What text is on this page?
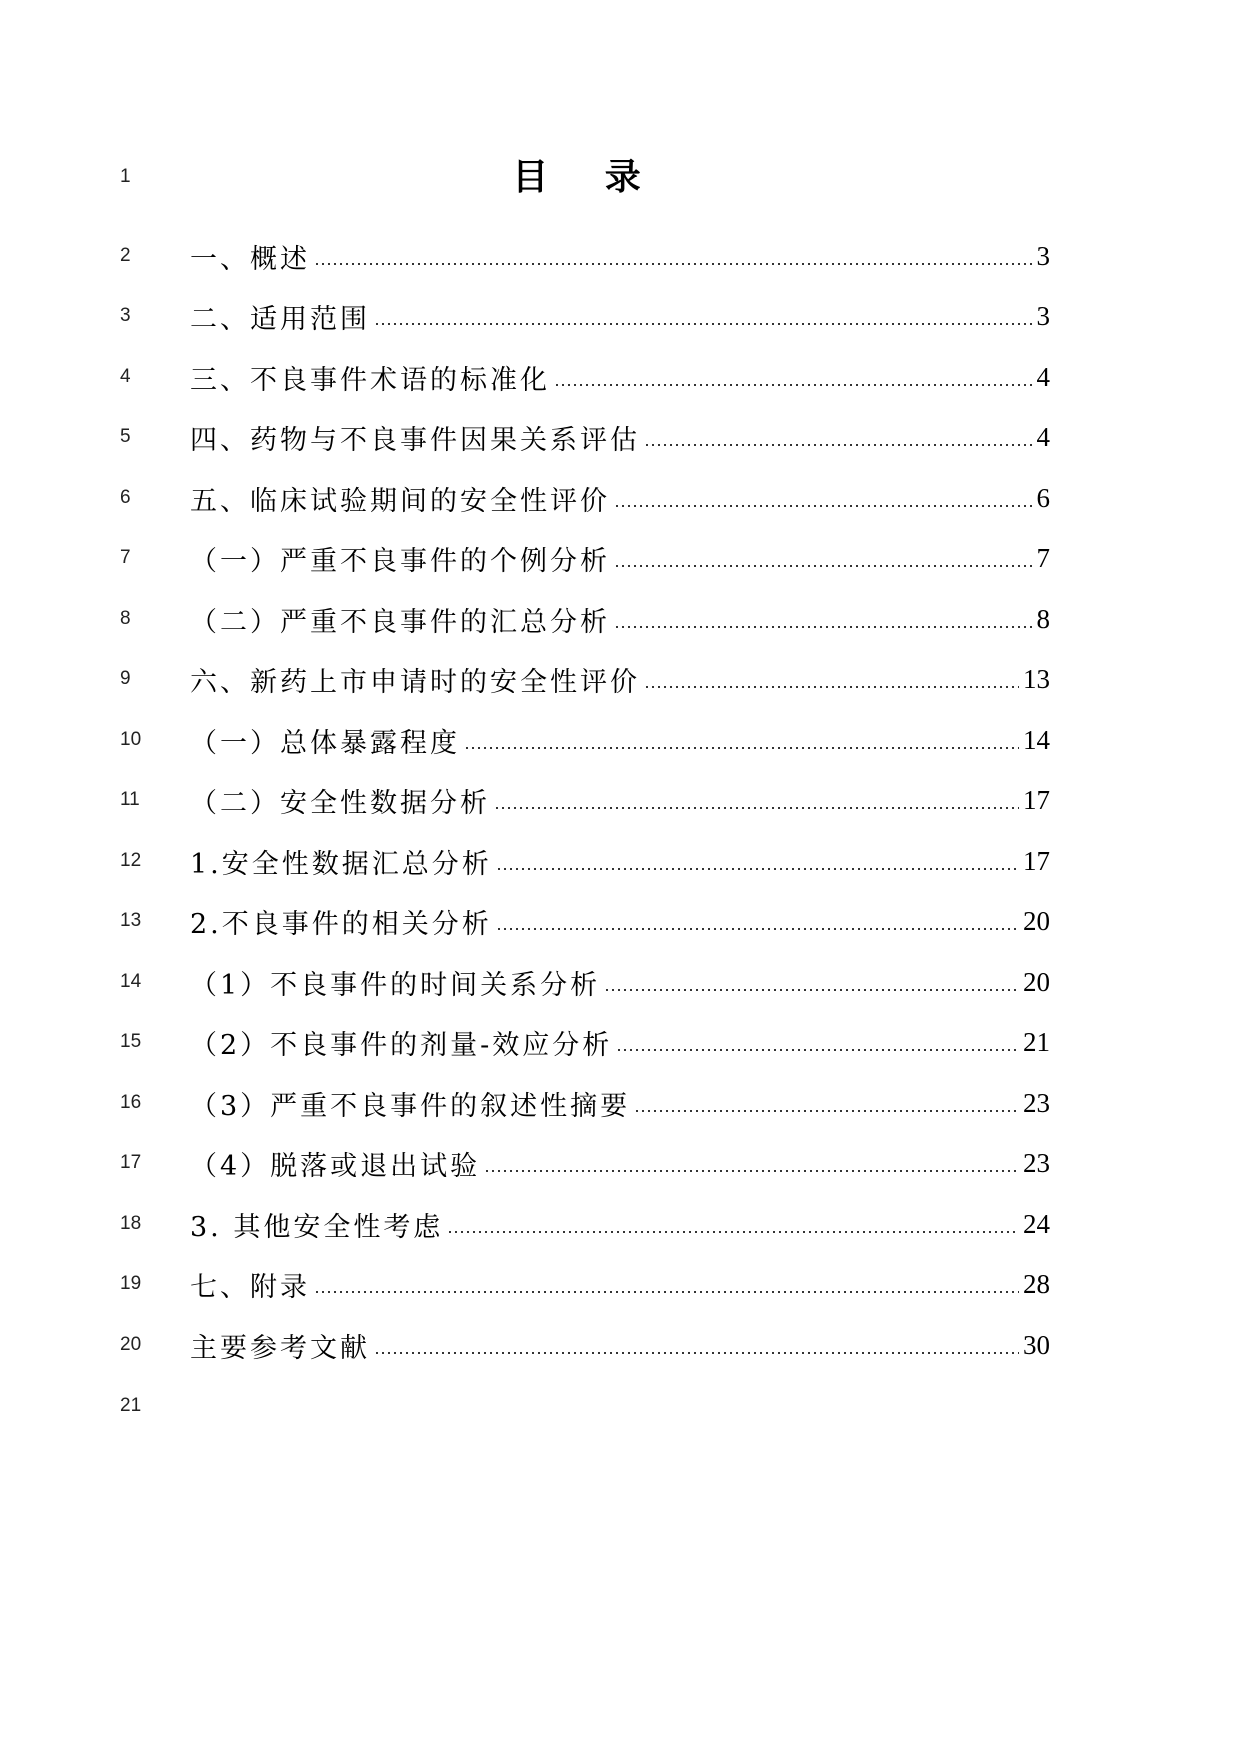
1	目 录
2	一、概述	3
3	二、适用范围	3
4	三、不良事件术语的标准化	4
5	四、药物与不良事件因果关系评估	4
6	五、临床试验期间的安全性评价	6
7	（一）严重不良事件的个例分析	7
8	（二）严重不良事件的汇总分析	8
9	六、新药上市申请时的安全性评价	13
10	（一）总体暴露程度	14
11	（二）安全性数据分析	17
12	1.安全性数据汇总分析	17
13	2.不良事件的相关分析	20
14	（1）不良事件的时间关系分析	20
15	（2）不良事件的剂量-效应分析	21
16	（3）严重不良事件的叙述性摘要	23
17	（4）脱落或退出试验	23
18	3. 其他安全性考虑	24
19	七、附录	28
20	主要参考文献	30
21
